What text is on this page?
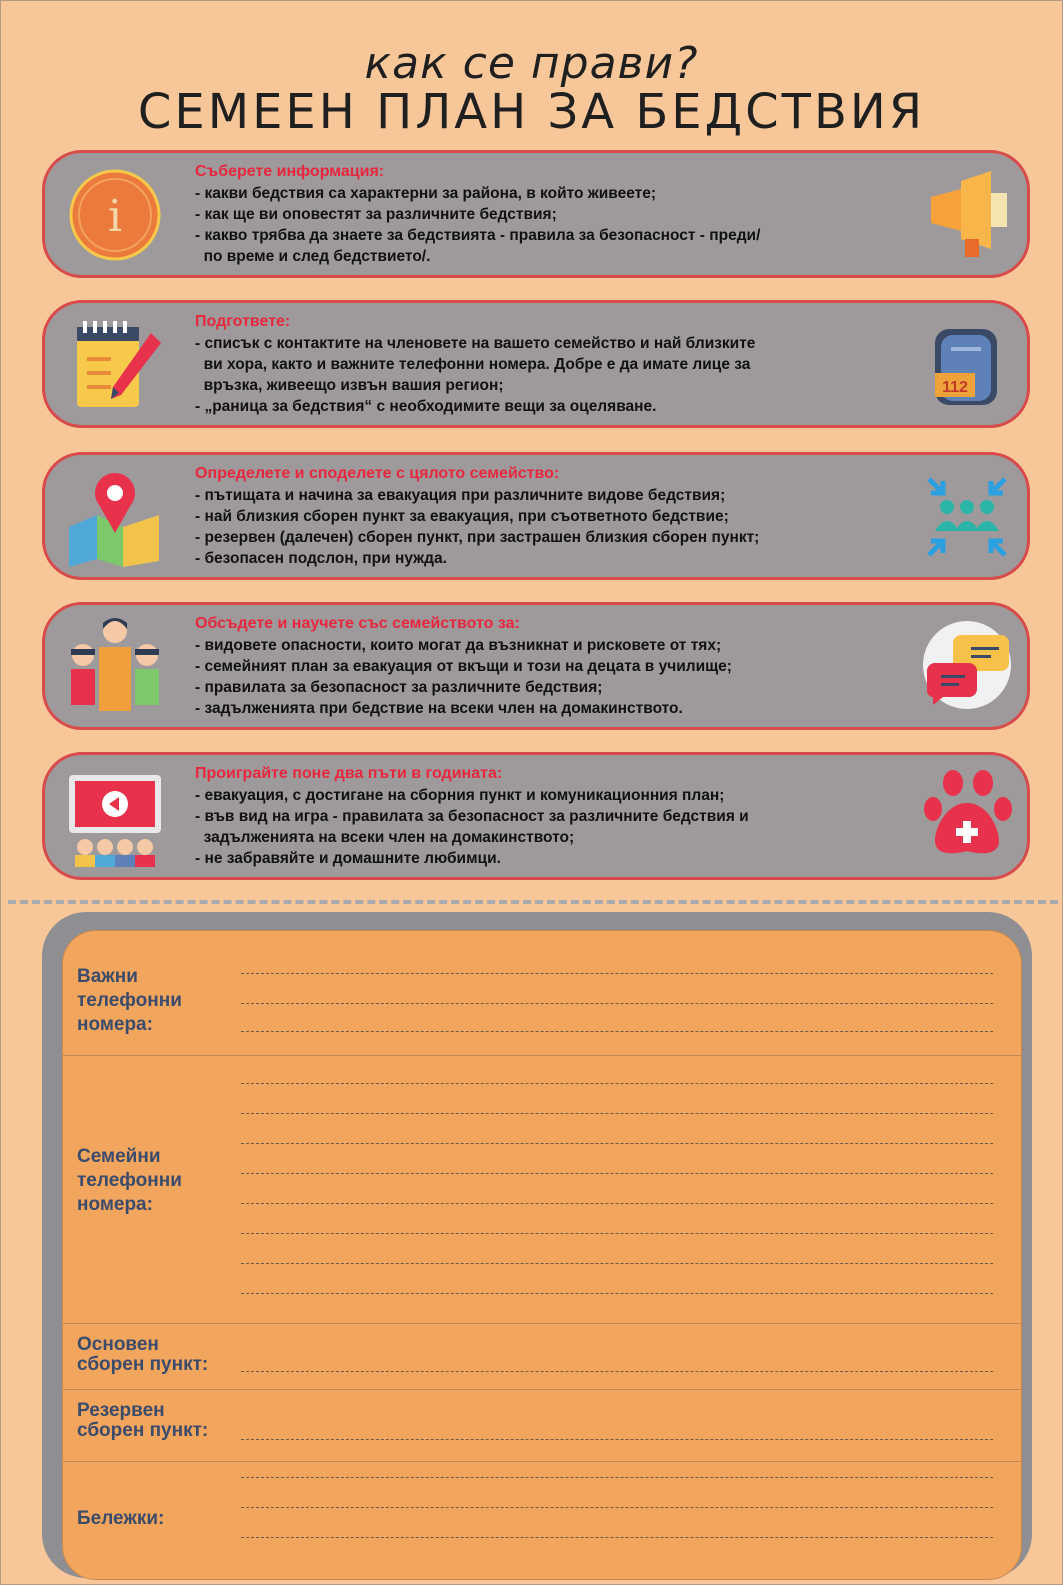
как се прави?
СЕМЕЕН ПЛАН ЗА БЕДСТВИЯ
i
Съберете информация:
- какви бедствия са характерни за района, в който живеете;
- как ще ви оповестят за различните бедствия;
- какво трябва да знаете за бедствията - правила за безопасност - преди/
по време и след бедствието/.
Подгответе:
- списък с контактите на членовете на вашето семейство и най близките
ви хора, както и важните телефонни номера. Добре е да имате лице за
връзка, живеещо извън вашия регион;
- „раница за бедствия“ с необходимите вещи за оцеляване.
112
Определете и споделете с цялото семейство:
- пътищата и начина за евакуация при различните видове бедствия;
- най близкия сборен пункт за евакуация, при съответното бедствие;
- резервен (далечен) сборен пункт, при застрашен близкия сборен пункт;
- безопасен подслон, при нужда.
Обсъдете и научете със семейството за:
- видовете опасности, които могат да възникнат и рисковете от тях;
- семейният план за евакуация от вкъщи и този на децата в училище;
- правилата за безопасност за различните бедствия;
- задълженията при бедствие на всеки член на домакинството.
Проиграйте поне два пъти в годината:
- евакуация, с достигане на сборния пункт и комуникационния план;
- във вид на игра - правилата за безопасност за различните бедствия и
задълженията на всеки член на домакинството;
- не забравяйте и домашните любимци.
Важни
телефонни
номера:
Семейни
телефонни
номера:
Основен
сборен пункт:
Резервен
сборен пункт:
Бележки:
